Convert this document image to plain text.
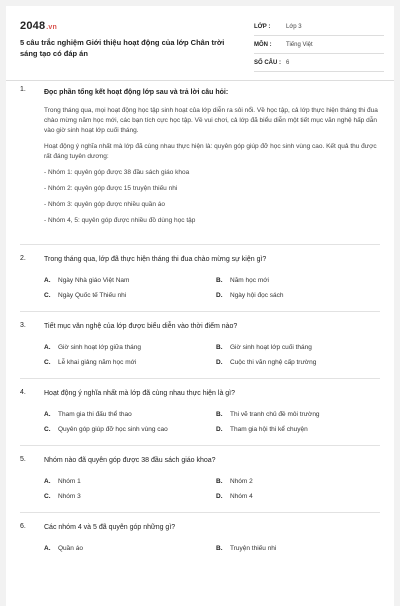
2048.vn
5 câu trắc nghiệm Giới thiệu hoạt động của lớp Chân trời sáng tạo có đáp án
LỚP :	Lớp 3
MÔN :	Tiếng Việt
SỐ CÂU : 6
1.	Đọc phần tổng kết hoạt động lớp sau và trả lời câu hỏi:

Trong tháng qua, mọi hoạt động học tập sinh hoạt của lớp diễn ra sôi nổi. Về học tập, cả lớp thực hiện tháng thi đua chào mừng năm học mới, các bạn tích cực học tập. Về vui chơi, cả lớp đã biểu diễn một tiết mục văn nghệ hấp dẫn vào giờ sinh hoạt lớp cuối tháng.

Hoạt động ý nghĩa nhất mà lớp đã cùng nhau thực hiện là: quyên góp giúp đỡ học sinh vùng cao. Kết quả thu được rất đáng tuyên dương:

- Nhóm 1: quyên góp được 38 đầu sách giáo khoa

- Nhóm 2: quyên góp được 15 truyện thiếu nhi

- Nhóm 3: quyên góp được nhiều quần áo

- Nhóm 4, 5: quyên góp được nhiều đồ dùng học tập

2.	Trong tháng qua, lớp đã thực hiện tháng thi đua chào mừng sự kiện gì?
A.	Ngày Nhà giáo Việt Nam	B.	Năm học mới
C.	Ngày Quốc tế Thiếu nhi	D.	Ngày hội đọc sách
3.	Tiết mục văn nghệ của lớp được biểu diễn vào thời điểm nào?
A.	Giờ sinh hoạt lớp giữa tháng	B.	Giờ sinh hoạt lớp cuối tháng
C.	Lễ khai giảng năm học mới	D.	Cuộc thi văn nghệ cấp trường
4.	Hoạt động ý nghĩa nhất mà lớp đã cùng nhau thực hiện là gì?
A.	Tham gia thi đấu thể thao	B.	Thi vẽ tranh chủ đề môi trường
C.	Quyên góp giúp đỡ học sinh vùng cao	D.	Tham gia hội thi kể chuyện
5.	Nhóm nào đã quyên góp được 38 đầu sách giáo khoa?
A.	Nhóm 1	B.	Nhóm 2
C.	Nhóm 3	D.	Nhóm 4
6.	Các nhóm 4 và 5 đã quyên góp những gì?
A.	Quần áo	B.	Truyện thiếu nhi
